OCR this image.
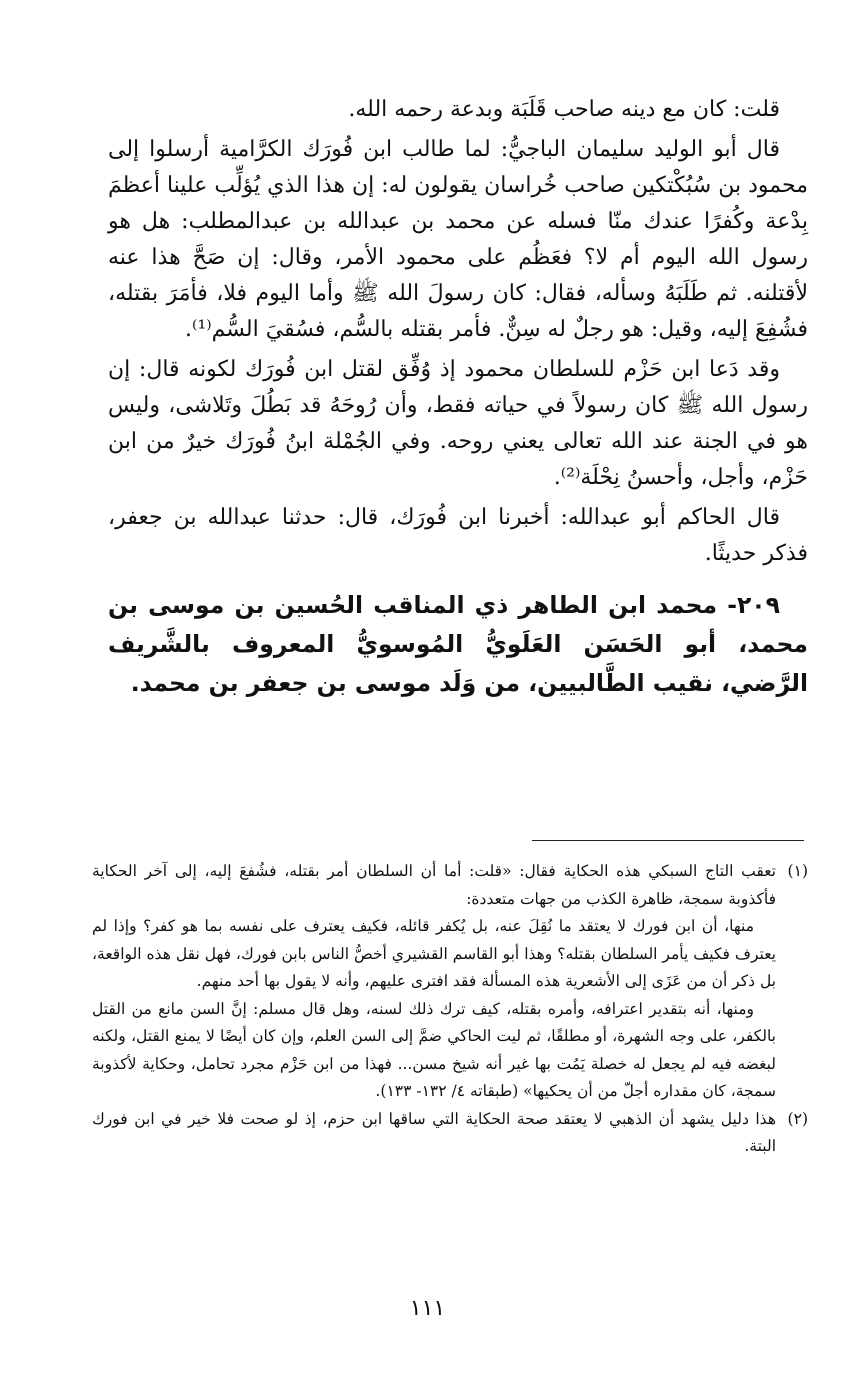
قلت: كان مع دينه صاحب قَلَبَة وبدعة رحمه الله.

قال أبو الوليد سليمان الباجيُّ: لما طالب ابن فُورَك الكرَّامية أرسلوا إلى محمود بن سُبُكْتكين صاحب خُراسان يقولون له: إن هذا الذي يُؤلِّب علينا أعظمَ بِدْعة وكُفرًا عندك منّا فسله عن محمد بن عبدالله بن عبدالمطلب: هل هو رسول الله اليوم أم لا؟ فعَظُم على محمود الأمر، وقال: إن صَحَّ هذا عنه لأقتلنه. ثم طَلَبَهُ وسأله، فقال: كان رسولَ الله ﷺ وأما اليوم فلا، فأمَرَ بقتله، فشُفِعَ إليه، وقيل: هو رجلٌ له سِنٌّ. فأمر بقتله بالسُّم، فسُقيَ السُّم⁽¹⁾.

وقد دَعا ابن حَزْم للسلطان محمود إذ وُفِّق لقتل ابن فُورَك لكونه قال: إن رسول الله ﷺ كان رسولاً في حياته فقط، وأن رُوحَهُ قد بَطُلَ وتَلاشى، وليس هو في الجنة عند الله تعالى يعني روحه. وفي الجُمْلة ابنُ فُورَك خيرٌ من ابن حَزْم، وأجل، وأحسنُ نِحْلَة⁽²⁾.

قال الحاكم أبو عبدالله: أخبرنا ابن فُورَك، قال: حدثنا عبدالله بن جعفر، فذكر حديثًا.

٢٠٩- محمد ابن الطاهر ذي المناقب الحُسين بن موسى بن محمد، أبو الحَسَن العَلَويُّ المُوسويُّ المعروف بالشَّريف الرَّضي، نقيب الطَّالبيين، من وَلَد موسى بن جعفر بن محمد.

(١)

تعقب التاج السبكي هذه الحكاية فقال: «قلت: أما أن السلطان أمر بقتله، فشُفعَ إليه، إلى آخر الحكاية فأكذوبة سمجة، ظاهرة الكذب من جهات متعددة:

منها، أن ابن فورك لا يعتقد ما نُقِلَ عنه، بل يُكفر قائله، فكيف يعترف على نفسه بما هو كفر؟ وإذا لم يعترف فكيف يأمر السلطان بقتله؟ وهذا أبو القاسم القشيري أخصُّ الناس بابن فورك، فهل نقل هذه الواقعة، بل ذكر أن من عَزَى إلى الأشعرية هذه المسألة فقد افترى عليهم، وأنه لا يقول بها أحد منهم.

ومنها، أنه بتقدير اعترافه، وأمره بقتله، كيف ترك ذلك لسنه، وهل قال مسلم: إنَّ السن مانع من القتل بالكفر، على وجه الشهرة، أو مطلقًا، ثم ليت الحاكي ضمَّ إلى السن العلم، وإن كان أيضًا لا يمنع القتل، ولكنه لبغضه فيه لم يجعل له خصلة يَمُت بها غير أنه شيخ مسن... فهذا من ابن حَزْم مجرد تحامل، وحكاية لأكذوبة سمجة، كان مقداره أجلّ من أن يحكيها» (طبقاته ٤/ ١٣٢- ١٣٣).

(٢)

هذا دليل يشهد أن الذهبي لا يعتقد صحة الحكاية التي ساقها ابن حزم، إذ لو صحت فلا خير في ابن فورك البتة.

١١١
